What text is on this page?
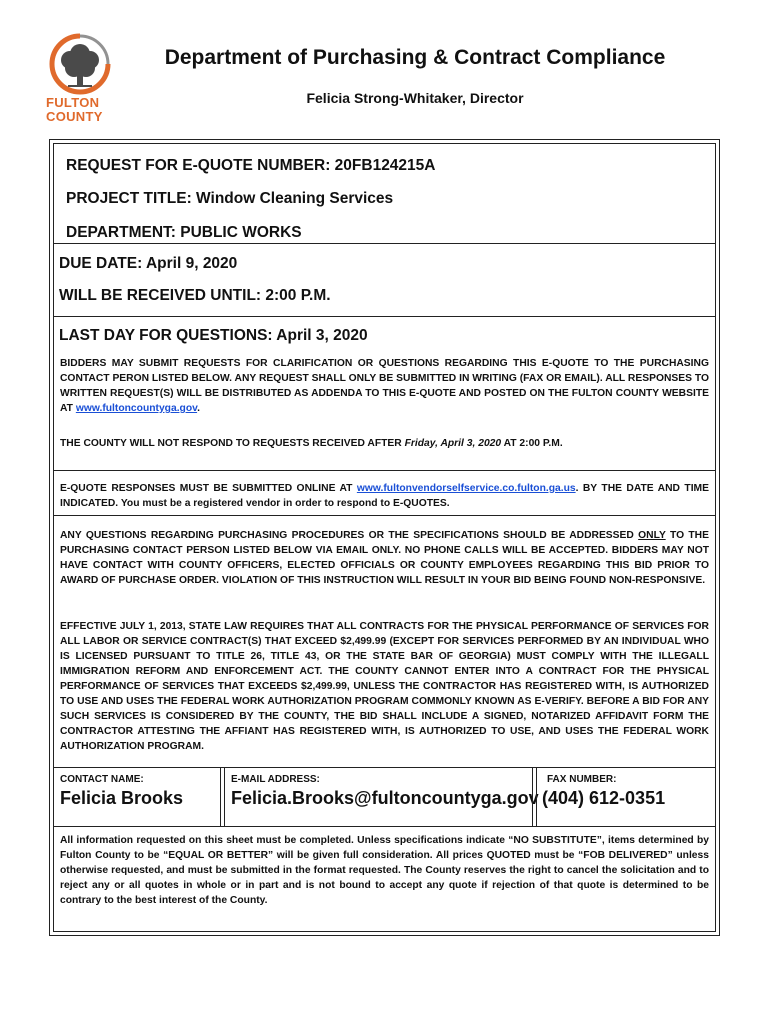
FULTON
COUNTY
Department of Purchasing & Contract Compliance
Felicia Strong-Whitaker, Director
REQUEST FOR E-QUOTE NUMBER: 20FB124215A
PROJECT TITLE: Window Cleaning Services
DEPARTMENT: PUBLIC WORKS
DUE DATE: April 9, 2020
WILL BE RECEIVED UNTIL: 2:00 P.M.
LAST DAY FOR QUESTIONS: April 3, 2020
BIDDERS MAY SUBMIT REQUESTS FOR CLARIFICATION OR QUESTIONS REGARDING THIS E-QUOTE TO THE PURCHASING CONTACT PERON LISTED BELOW. ANY REQUEST SHALL ONLY BE SUBMITTED IN WRITING (FAX OR EMAIL). ALL RESPONSES TO WRITTEN REQUEST(S) WILL BE DISTRIBUTED AS ADDENDA TO THIS E-QUOTE AND POSTED ON THE FULTON COUNTY WEBSITE AT www.fultoncountyga.gov.
THE COUNTY WILL NOT RESPOND TO REQUESTS RECEIVED AFTER Friday, April 3, 2020 AT 2:00 P.M.
E-QUOTE RESPONSES MUST BE SUBMITTED ONLINE AT www.fultonvendorselfservice.co.fulton.ga.us. BY THE DATE AND TIME INDICATED. You must be a registered vendor in order to respond to E-QUOTES.
ANY QUESTIONS REGARDING PURCHASING PROCEDURES OR THE SPECIFICATIONS SHOULD BE ADDRESSED ONLY TO THE PURCHASING CONTACT PERSON LISTED BELOW VIA EMAIL ONLY. NO PHONE CALLS WILL BE ACCEPTED. BIDDERS MAY NOT HAVE CONTACT WITH COUNTY OFFICERS, ELECTED OFFICIALS OR COUNTY EMPLOYEES REGARDING THIS BID PRIOR TO AWARD OF PURCHASE ORDER. VIOLATION OF THIS INSTRUCTION WILL RESULT IN YOUR BID BEING FOUND NON-RESPONSIVE.
EFFECTIVE JULY 1, 2013, STATE LAW REQUIRES THAT ALL CONTRACTS FOR THE PHYSICAL PERFORMANCE OF SERVICES FOR ALL LABOR OR SERVICE CONTRACT(S) THAT EXCEED $2,499.99 (EXCEPT FOR SERVICES PERFORMED BY AN INDIVIDUAL WHO IS LICENSED PURSUANT TO TITLE 26, TITLE 43, OR THE STATE BAR OF GEORGIA) MUST COMPLY WITH THE ILLEGALL IMMIGRATION REFORM AND ENFORCEMENT ACT. THE COUNTY CANNOT ENTER INTO A CONTRACT FOR THE PHYSICAL PERFORMANCE OF SERVICES THAT EXCEEDS $2,499.99, UNLESS THE CONTRACTOR HAS REGISTERED WITH, IS AUTHORIZED TO USE AND USES THE FEDERAL WORK AUTHORIZATION PROGRAM COMMONLY KNOWN AS E-VERIFY. BEFORE A BID FOR ANY SUCH SERVICES IS CONSIDERED BY THE COUNTY, THE BID SHALL INCLUDE A SIGNED, NOTARIZED AFFIDAVIT FORM THE CONTRACTOR ATTESTING THE AFFIANT HAS REGISTERED WITH, IS AUTHORIZED TO USE, AND USES THE FEDERAL WORK AUTHORIZATION PROGRAM.
CONTACT NAME:
Felicia Brooks
E-MAIL ADDRESS:
Felicia.Brooks@fultoncountyga.gov
FAX NUMBER:
(404) 612-0351
All information requested on this sheet must be completed. Unless specifications indicate “NO SUBSTITUTE”, items determined by Fulton County to be “EQUAL OR BETTER” will be given full consideration. All prices QUOTED must be “FOB DELIVERED” unless otherwise requested, and must be submitted in the format requested. The County reserves the right to cancel the solicitation and to reject any or all quotes in whole or in part and is not bound to accept any quote if rejection of that quote is determined to be contrary to the best interest of the County.
